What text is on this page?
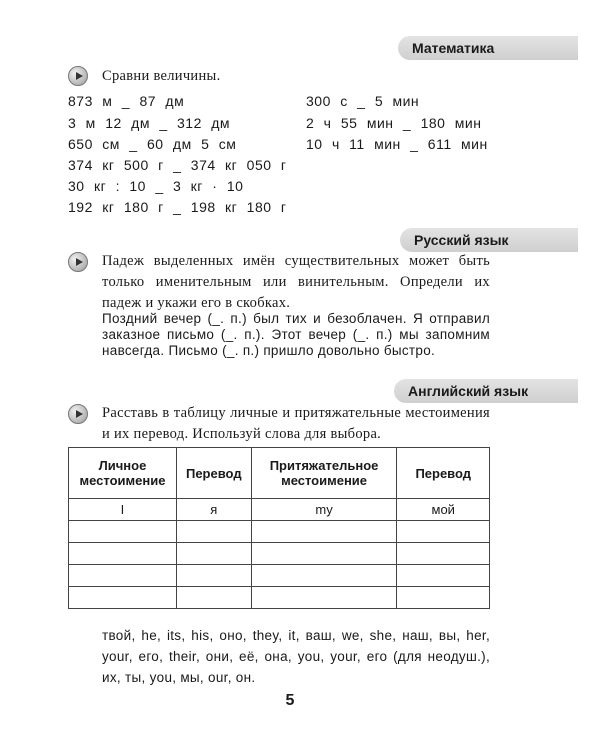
Математика
Сравни величины.
873 м _ 87 дм
3 м 12 дм _ 312 дм
650 см _ 60 дм 5 см
374 кг 500 г _ 374 кг 050 г
30 кг : 10 _ 3 кг · 10
192 кг 180 г _ 198 кг 180 г
300 с _ 5 мин
2 ч 55 мин _ 180 мин
10 ч 11 мин _ 611 мин
Русский язык
Падеж выделенных имён существительных может быть только именительным или винительным. Определи их падеж и укажи его в скобках.
Поздний вечер (_. п.) был тих и безоблачен. Я отправил заказное письмо (_. п.). Этот вечер (_. п.) мы запомним навсегда. Письмо (_. п.) пришло довольно быстро.
Английский язык
Расставь в таблицу личные и притяжательные местоимения и их перевод. Используй слова для выбора.
Личное местоимение	Перевод	Притяжательное местоимение	Перевод
I	я	my	мой

твой, he, its, his, оно, they, it, ваш, we, she, наш, вы, her, your, его, their, они, её, она, you, your, его (для неодуш.), их, ты, you, мы, our, он.
5
